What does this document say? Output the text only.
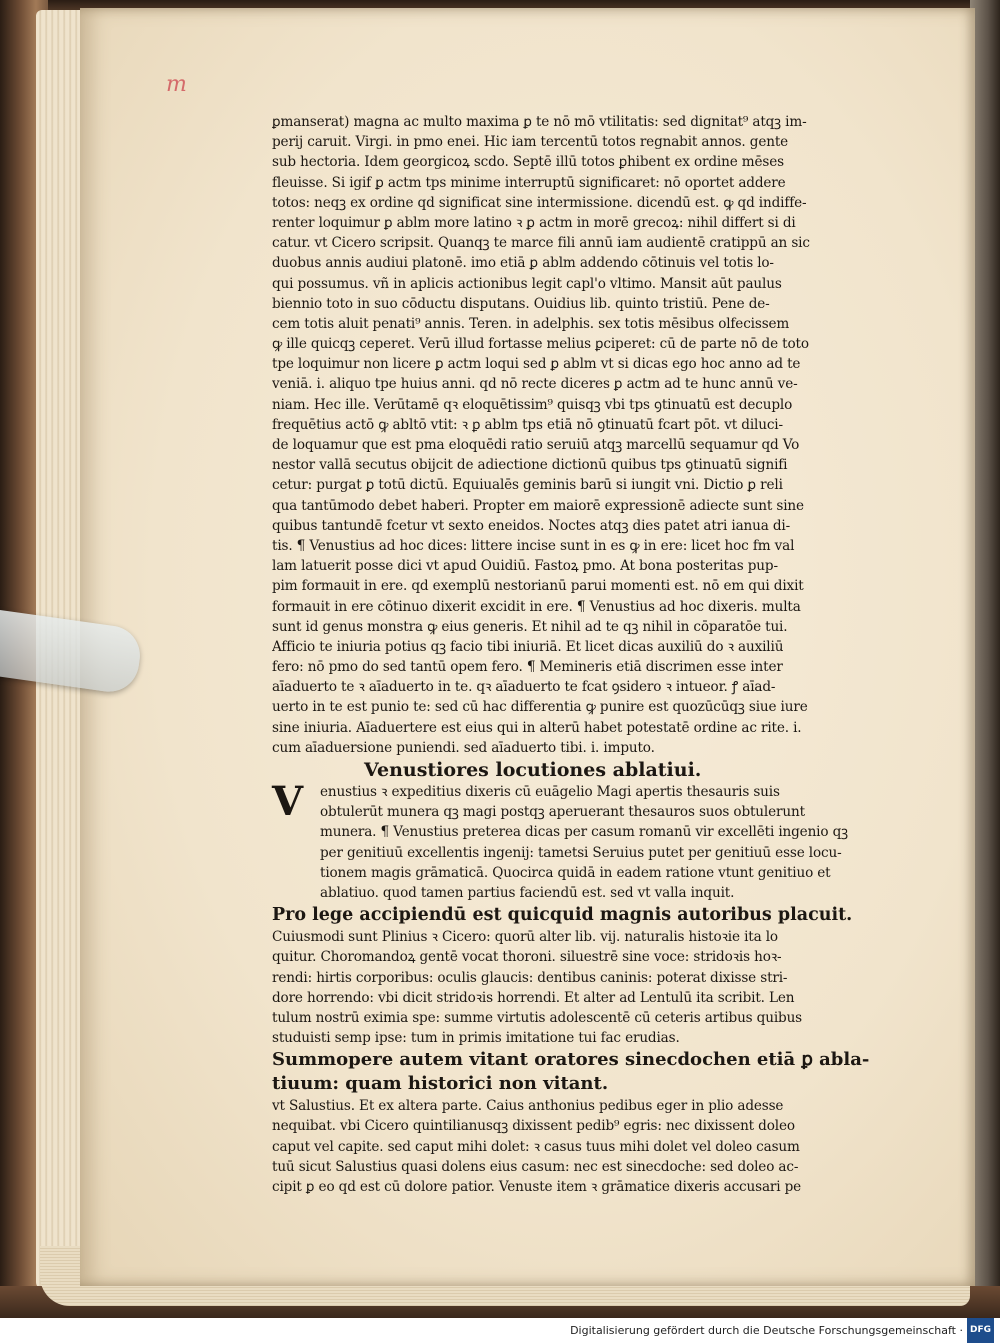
m
ꝑmanserat) magna ac multo maxima ꝑ te nō mō vtilitatis: sed dignitat⁹ atqꝫ im-
perij caruit. Virgi. in pmo enei. Hic iam tercentū totos regnabit annos. gente
sub hectoria. Idem georgicoꝝ scdo. Septē illū totos ꝑhibent ex ordine mēses
fleuisse. Si igif ꝑ actm tps minime interruptū significaret: nō oportet addere
totos: neqꝫ ex ordine qd significat sine intermissione. dicendū est. ꝙ qd indiffe-
renter loquimur ꝑ ablm more latino ꝛ ꝑ actm in morē grecoꝝ: nihil differt si di
catur. vt Cicero scripsit. Quanqꝫ te marce fili annū iam audientē cratippū an sic
duobus annis audiui platonē. imo etiā ꝑ ablm addendo cōtinuis vel totis lo-
qui possumus. vñ in aplicis actionibus legit capl'o vltimo. Mansit aūt paulus
biennio toto in suo cōductu disputans. Ouidius lib. quinto tristiū. Pene de-
cem totis aluit penati⁹ annis. Teren. in adelphis. sex totis mēsibus olfecissem
ꝙ ille quicqꝫ ceperet. Verū illud fortasse melius ꝑciperet: cū de parte nō de toto
tpe loquimur non licere ꝑ actm loqui sed ꝑ ablm vt si dicas ego hoc anno ad te
veniā. i. aliquo tpe huius anni. qd nō recte diceres ꝑ actm ad te hunc annū ve-
niam. Hec ille. Verūtamē qꝛ eloquētissim⁹ quisqꝫ vbi tps ꝯtinuatū est decuplo
frequētius actō ꝙ abltō vtit: ꝛ ꝑ ablm tps etiā nō ꝯtinuatū fcart pōt. vt diluci-
de loquamur que est pma eloquēdi ratio seruiū atqꝫ marcellū sequamur qd Vo
nestor vallā secutus obijcit de adiectione dictionū quibus tps ꝯtinuatū signifi
cetur: purgat ꝑ totū dictū. Equiualēs geminis barū si iungit vni. Dictio ꝑ reli
qua tantūmodo debet haberi. Propter em maiorē expressionē adiecte sunt sine
quibus tantundē fcetur vt sexto eneidos. Noctes atqꝫ dies patet atri ianua di-
tis. ¶ Venustius ad hoc dices: littere incise sunt in es ꝙ in ere: licet hoc fm val
lam latuerit posse dici vt apud Ouidiū. Fastoꝝ pmo. At bona posteritas pup-
pim formauit in ere. qd exemplū nestorianū parui momenti est. nō em qui dixit
formauit in ere cōtinuo dixerit excidit in ere. ¶ Venustius ad hoc dixeris. multa
sunt id genus monstra ꝙ eius generis. Et nihil ad te qꝫ nihil in cōparatōe tui.
Afficio te iniuria potius qꝫ facio tibi iniuriā. Et licet dicas auxiliū do ꝛ auxiliū
fero: nō pmo do sed tantū opem fero. ¶ Memineris etiā discrimen esse inter
aīaduerto te ꝛ aīaduerto in te. qꝛ aīaduerto te fcat ꝯsidero ꝛ intueor. ꝭ aīad-
uerto in te est punio te: sed cū hac differentia ꝙ punire est quozūcūqꝫ siue iure
sine iniuria. Aīaduertere est eius qui in alterū habet potestatē ordine ac rite. i.
cum aīaduersione puniendi. sed aīaduerto tibi. i. imputo.
Venustiores locutiones ablatiui.
V enustius ꝛ expeditius dixeris cū euāgelio Magi apertis thesauris suis
obtulerūt munera qꝫ magi postqꝫ aperuerant thesauros suos obtulerunt
munera. ¶ Venustius preterea dicas per casum romanū vir excellēti ingenio qꝫ
per genitiuū excellentis ingenij: tametsi Seruius putet per genitiuū esse locu-
tionem magis grāmaticā. Quocirca quidā in eadem ratione vtunt genitiuo et
ablatiuo. quod tamen partius faciendū est. sed vt valla inquit.
Pro lege accipiendū est quicquid magnis autoribus placuit.
Cuiusmodi sunt Plinius ꝛ Cicero: quorū alter lib. vij. naturalis histoꝛie ita lo
quitur. Choromandoꝝ gentē vocat thoroni. siluestrē sine voce: stridoꝛis hoꝛ-
rendi: hirtis corporibus: oculis glaucis: dentibus caninis: poterat dixisse stri-
dore horrendo: vbi dicit stridoꝛis horrendi. Et alter ad Lentulū ita scribit. Len
tulum nostrū eximia spe: summe virtutis adolescentē cū ceteris artibus quibus
studuisti semp ipse: tum in primis imitatione tui fac erudias.
Summopere autem vitant oratores sinecdochen etiā ꝑ abla-
tiuum: quam historici non vitant.
vt Salustius. Et ex altera parte. Caius anthonius pedibus eger in plio adesse
nequibat. vbi Cicero quintilianusqꝫ dixissent pedib⁹ egris: nec dixissent doleo
caput vel capite. sed caput mihi dolet: ꝛ casus tuus mihi dolet vel doleo casum
tuū sicut Salustius quasi dolens eius casum: nec est sinecdoche: sed doleo ac-
cipit ꝑ eo qd est cū dolore patior. Venuste item ꝛ grāmatice dixeris accusari pe
Digitalisierung gefördert durch die Deutsche Forschungsgemeinschaft · DFG
